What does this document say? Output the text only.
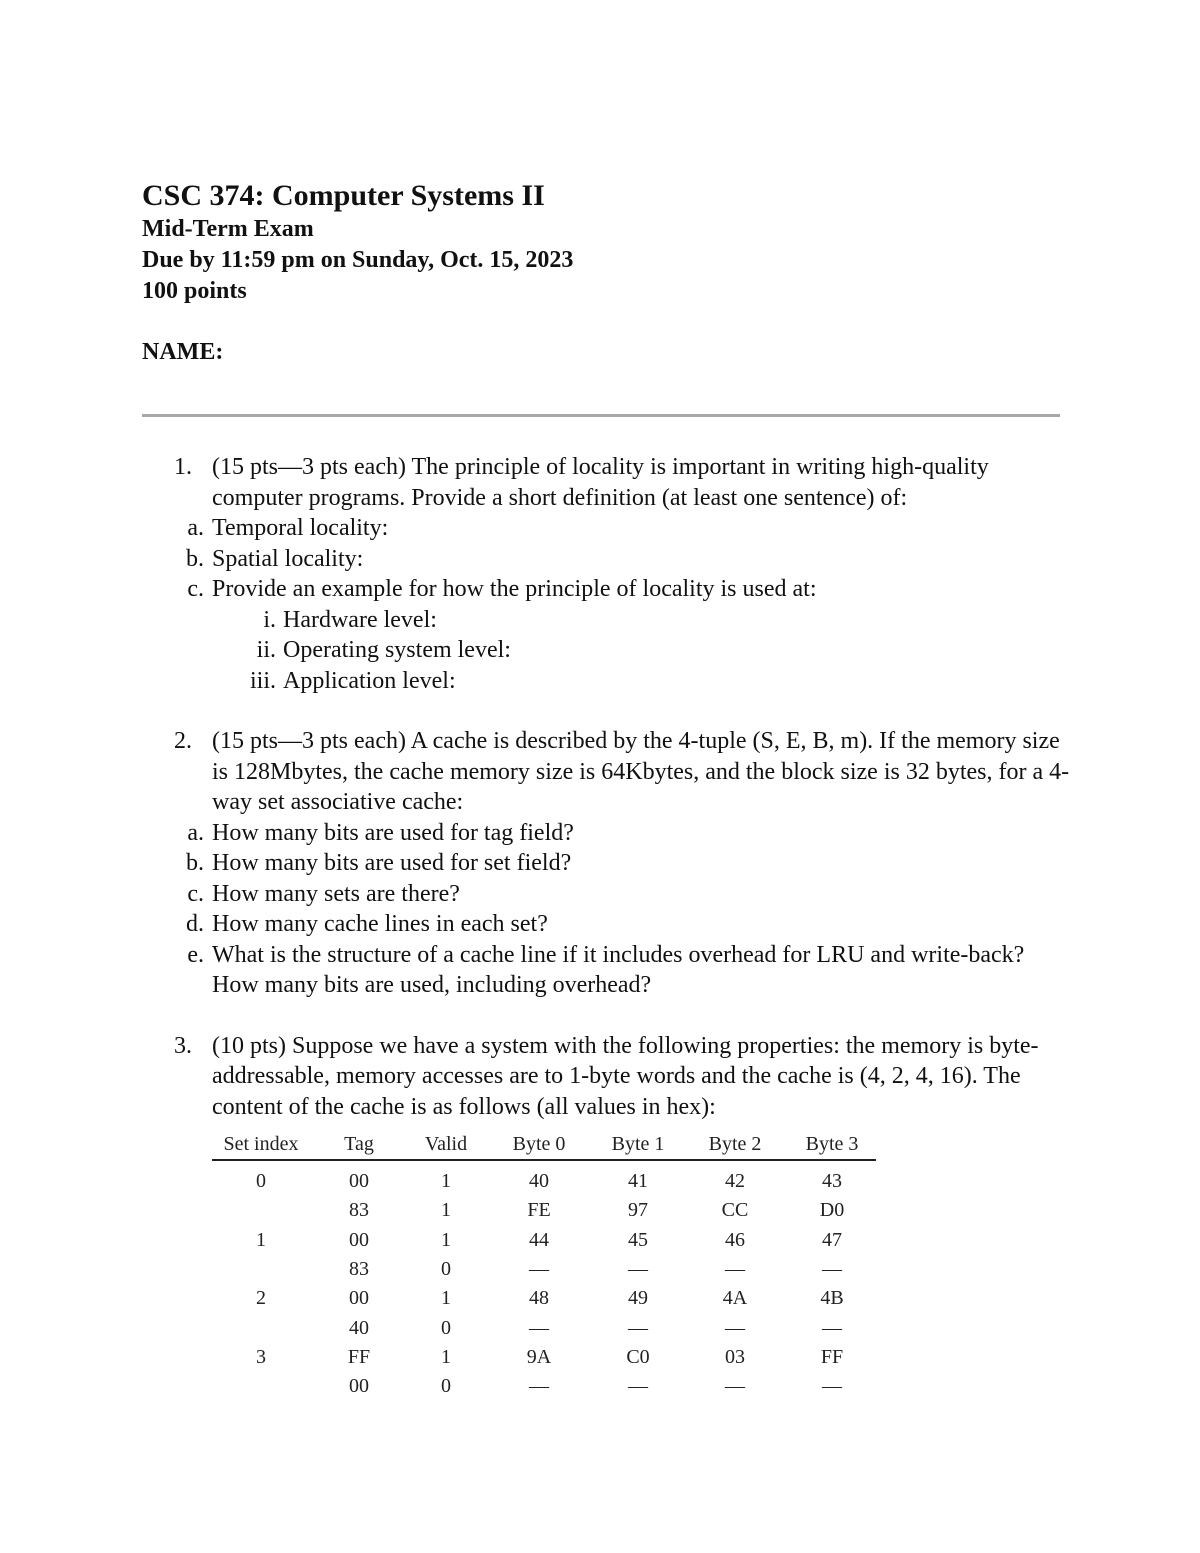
CSC 374: Computer Systems II

Mid-Term Exam

Due by 11:59 pm on Sunday, Oct. 15, 2023

100 points

NAME:

1. (15 pts—3 pts each) The principle of locality is important in writing high-quality computer programs. Provide a short definition (at least one sentence) of:
a. Temporal locality:
b. Spatial locality:
c. Provide an example for how the principle of locality is used at:
i. Hardware level:
ii. Operating system level:
iii. Application level:
2. (15 pts—3 pts each) A cache is described by the 4-tuple (S, E, B, m). If the memory size is 128Mbytes, the cache memory size is 64Kbytes, and the block size is 32 bytes, for a 4-way set associative cache:
a. How many bits are used for tag field?
b. How many bits are used for set field?
c. How many sets are there?
d. How many cache lines in each set?
e. What is the structure of a cache line if it includes overhead for LRU and write-back? How many bits are used, including overhead?
3. (10 pts) Suppose we have a system with the following properties: the memory is byte-addressable, memory accesses are to 1-byte words and the cache is (4, 2, 4, 16). The content of the cache is as follows (all values in hex):
Set index	Tag	Valid	Byte 0	Byte 1	Byte 2	Byte 3
0	00	1	40	41	42	43
	83	1	FE	97	CC	D0
1	00	1	44	45	46	47
	83	0	—	—	—	—
2	00	1	48	49	4A	4B
	40	0	—	—	—	—
3	FF	1	9A	C0	03	FF
	00	0	—	—	—	—
